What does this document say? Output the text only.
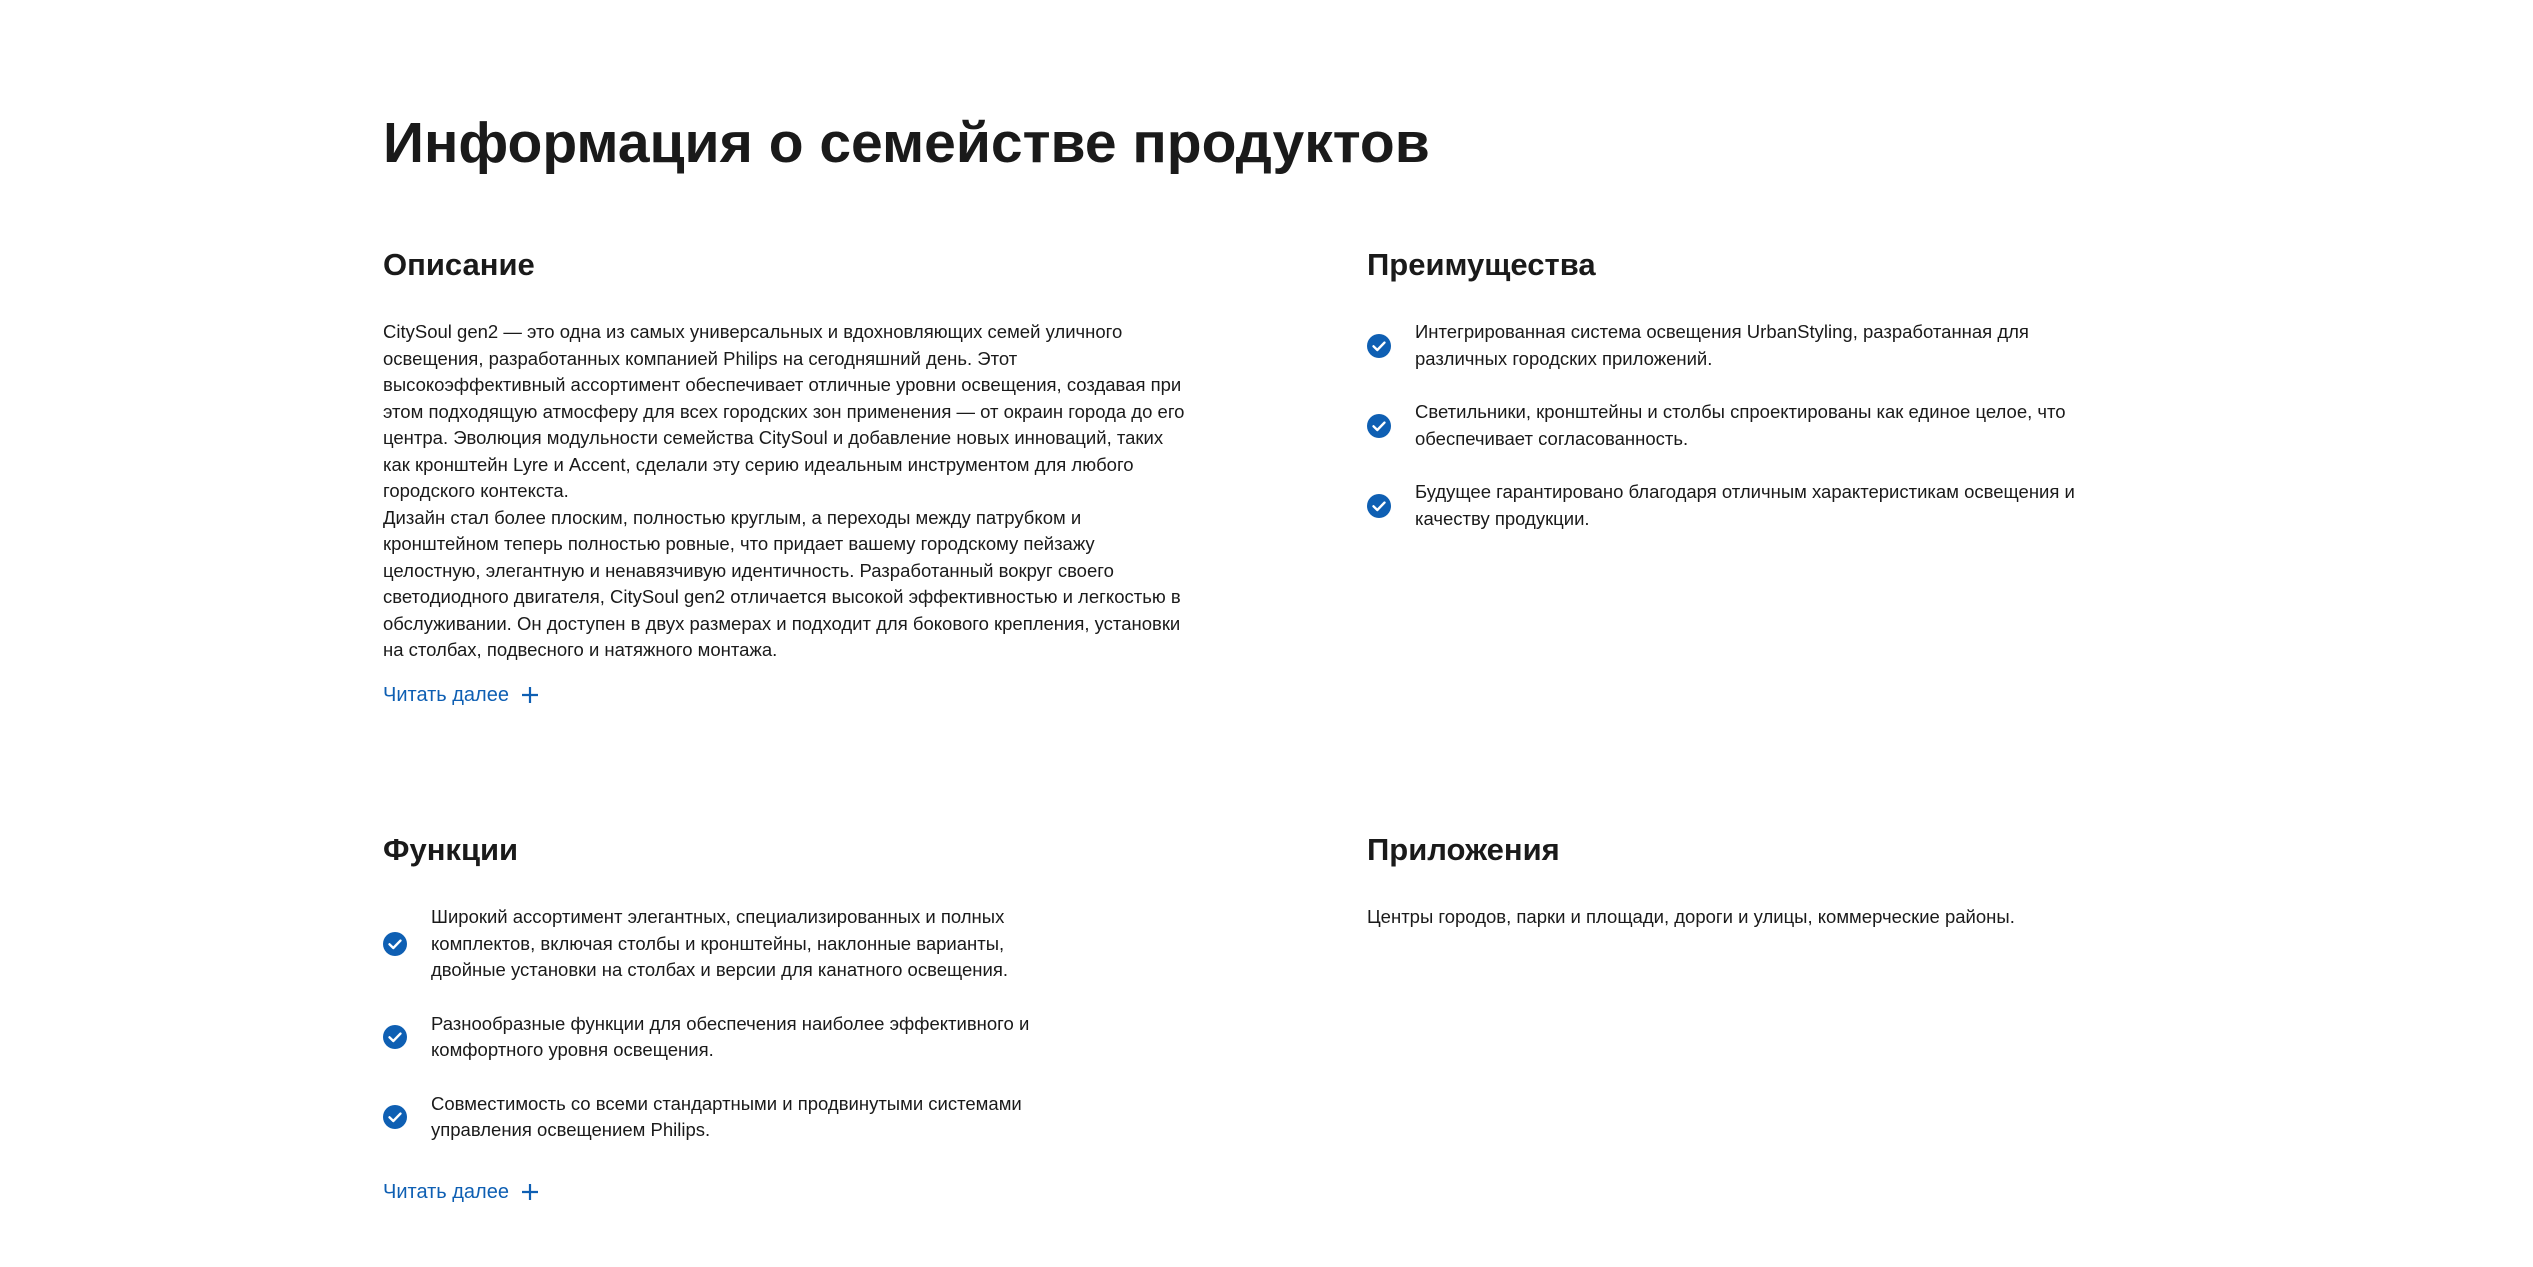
Информация о семействе продуктов
Описание

CitySoul gen2 — это одна из самых универсальных и вдохновляющих семей уличного освещения, разработанных компанией Philips на сегодняшний день. Этот высокоэффективный ассортимент обеспечивает отличные уровни освещения, создавая при этом подходящую атмосферу для всех городских зон применения — от окраин города до его центра. Эволюция модульности семейства CitySoul и добавление новых инноваций, таких как кронштейн Lyre и Accent, сделали эту серию идеальным инструментом для любого городского контекста.

Дизайн стал более плоским, полностью круглым, а переходы между патрубком и кронштейном теперь полностью ровные, что придает вашему городскому пейзажу целостную, элегантную и ненавязчивую идентичность. Разработанный вокруг своего светодиодного двигателя, CitySoul gen2 отличается высокой эффективностью и легкостью в обслуживании. Он доступен в двух размерах и подходит для бокового крепления, установки на столбах, подвесного и натяжного монтажа.

Читать далее
Преимущества
Интегрированная система освещения UrbanStyling, разработанная для различных городских приложений.
Светильники, кронштейны и столбы спроектированы как единое целое, что обеспечивает согласованность.
Будущее гарантировано благодаря отличным характеристикам освещения и качеству продукции.
Функции
Широкий ассортимент элегантных, специализированных и полных комплектов, включая столбы и кронштейны, наклонные варианты, двойные установки на столбах и версии для канатного освещения.
Разнообразные функции для обеспечения наиболее эффективного и комфортного уровня освещения.
Совместимость со всеми стандартными и продвинутыми системами управления освещением Philips.
Читать далее
Приложения

Центры городов, парки и площади, дороги и улицы, коммерческие районы.
